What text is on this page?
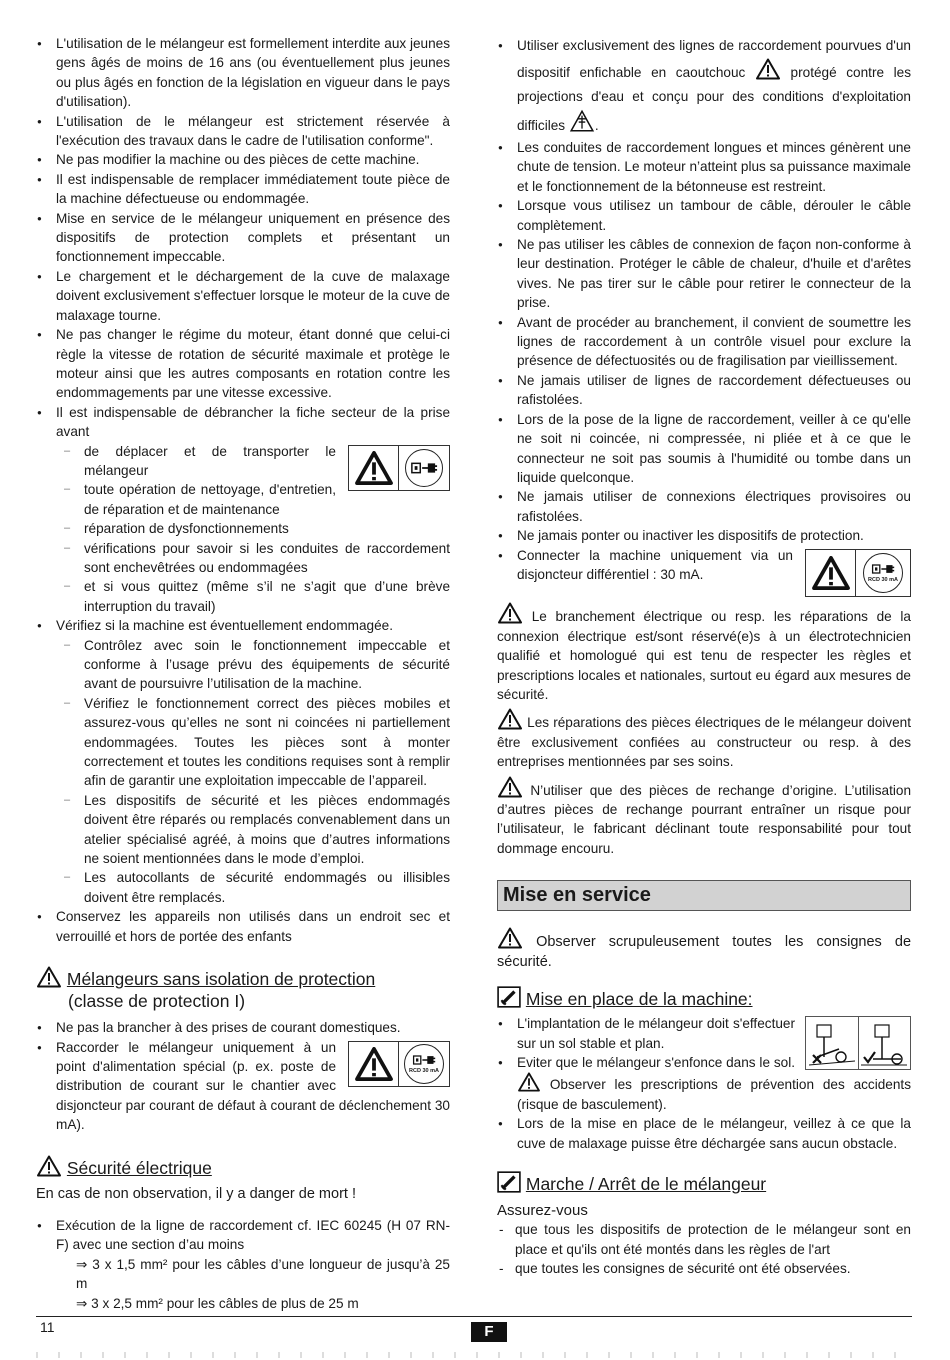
● L'utilisation de le mélangeur est formellement interdite aux jeunes gens âgés de moins de 16 ans (ou éventuellement plus jeunes ou plus âgés en fonction de la législation en vigueur dans le pays d'utilisation).
● L'utilisation de le mélangeur est strictement réservée à l'exécution des travaux dans le cadre de l'utilisation conforme".
● Ne pas modifier la machine ou des pièces de cette machine.
● Il est indispensable de remplacer immédiatement toute pièce de la machine défectueuse ou endommagée.
● Mise en service de le mélangeur uniquement en présence des dispositifs de protection complets et présentant un fonctionnement impeccable.
● Le chargement et le déchargement de la cuve de malaxage doivent exclusivement s'effectuer lorsque le moteur de la cuve de malaxage tourne.
● Ne pas changer le régime du moteur, étant donné que celui-ci règle la vitesse de rotation de sécurité maximale et protège le moteur ainsi que les autres composants en rotation contre les endommagements par une vitesse excessive.
● Il est indispensable de débrancher la fiche secteur de la prise avant
– de déplacer et de transporter le mélangeur
– toute opération de nettoyage, d'entretien, de réparation et de maintenance
– réparation de dysfonctionnements
– vérifications pour savoir si les conduites de raccordement sont enchevêtrées ou endommagées
– et si vous quittez (même s’il ne s’agit que d’une brève interruption du travail)
● Vérifiez si la machine est éventuellement endommagée.
– Contrôlez avec soin le fonctionnement impeccable et conforme à l’usage prévu des équipements de sécurité avant de poursuivre l’utilisation de la machine.
– Vérifiez le fonctionnement correct des pièces mobiles et assurez-vous qu’elles ne sont ni coincées ni partiellement endommagées. Toutes les pièces sont à monter correctement et toutes les conditions requises sont à remplir afin de garantir une exploitation impeccable de l’appareil.
– Les dispositifs de sécurité et les pièces endommagés doivent être réparés ou remplacés convenablement dans un atelier spécialisé agréé, à moins que d’autres informations ne soient mentionnées dans le mode d’emploi.
– Les autocollants de sécurité endommagés ou illisibles doivent être remplacés.
● Conservez les appareils non utilisés dans un endroit sec et verrouillé et hors de portée des enfants
Mélangeurs sans isolation de protection
(classe de protection I)
● Ne pas la brancher à des prises de courant domestiques.
● RCD 30 mA
Raccorder le mélangeur uniquement à un point d'alimentation spécial (p. ex. poste de distribution de courant sur le chantier avec disjoncteur par courant de défaut à courant de déclenchement 30 mA).
Sécurité électrique
En cas de non observation, il y a danger de mort !
● Exécution de la ligne de raccordement cf. IEC 60245 (H 07 RN-F) avec une section d’au moins
⇒ 3 x 1,5 mm² pour les câbles d’une longueur de jusqu’à 25 m
⇒ 3 x 2,5 mm² pour les câbles de plus de 25 m
● Utiliser exclusivement des lignes de raccordement pourvues d'un dispositif enfichable en caoutchouc	protégé contre les projections d'eau et conçu pour des conditions d'exploitation difficiles .
● Les conduites de raccordement longues et minces génèrent une chute de tension. Le moteur n’atteint plus sa puissance maximale et le fonctionnement de la bétonneuse est restreint.
● Lorsque vous utilisez un tambour de câble, dérouler le câble complètement.
● Ne pas utiliser les câbles de connexion de façon non-conforme à leur destination. Protéger le câble de chaleur, d'huile et d'arêtes vives. Ne pas tirer sur le câble pour retirer le connecteur de la prise.
● Avant de procéder au branchement, il convient de soumettre les lignes de raccordement à un contrôle visuel pour exclure la présence de défectuosités ou de fragilisation par vieillissement.
● Ne jamais utiliser de lignes de raccordement défectueuses ou rafistolées.
● Lors de la pose de la ligne de raccordement, veiller à ce qu'elle ne soit ni coincée, ni compressée, ni pliée et à ce que le connecteur ne soit pas soumis à l'humidité ou tombe dans un liquide quelconque.
● Ne jamais utiliser de connexions électriques provisoires ou rafistolées.
● Ne jamais ponter ou inactiver les dispositifs de protection.
● RCD 30 mA
Connecter la machine uniquement via un disjoncteur différentiel : 30 mA.
Le branchement électrique ou resp. les réparations de la connexion électrique est/sont réservé(e)s à un électrotechnicien qualifié et homologué qui est tenu de respecter les règles et prescriptions locales et nationales, surtout eu égard aux mesures de sécurité.
Les réparations des pièces électriques de le mélangeur doivent être exclusivement confiées au constructeur ou resp. à des entreprises mentionnées par ses soins.
N’utiliser que des pièces de rechange d’origine. L’utilisation d’autres pièces de rechange pourrant entraîner un risque pour l’utilisateur, le fabricant déclinant toute responsabilité pour tout dommage encouru.
Mise en service
Observer scrupuleusement toutes les consignes de sécurité.
Mise en place de la machine:
● L'implantation de le mélangeur doit s'effectuer sur un sol stable et plan.
● Eviter que le mélangeur s'enfonce dans le sol.  Observer les prescriptions de prévention des accidents (risque de basculement).
● Lors de la mise en place de le mélangeur, veillez à ce que la cuve de malaxage puisse être déchargée sans aucun obstacle.
Marche / Arrêt de le mélangeur
Assurez-vous
- que tous les dispositifs de protection de le mélangeur sont en place et qu'ils ont été montés dans les règles de l'art
- que toutes les consignes de sécurité ont été observées.
11	F
